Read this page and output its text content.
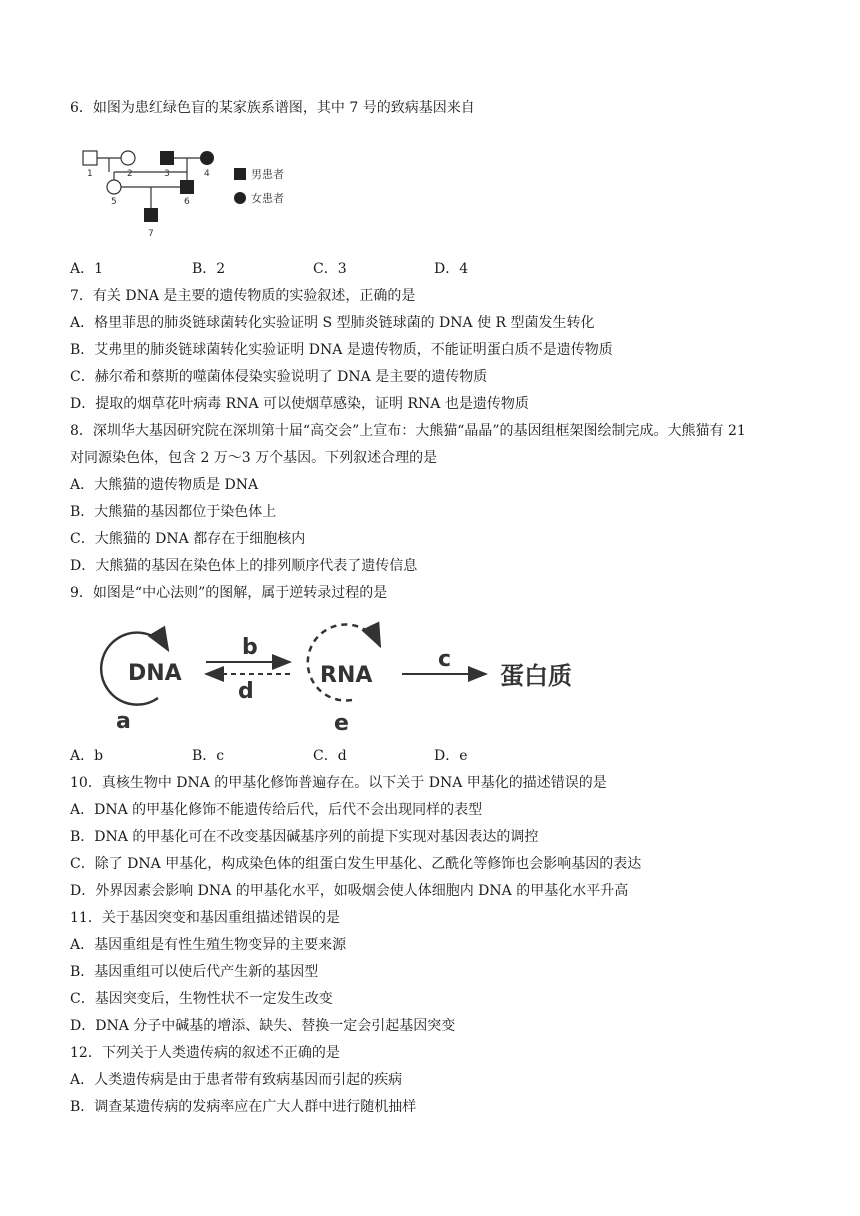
6．如图为患红绿色盲的某家族系谱图，其中 7 号的致病基因来自
1	2	3	4
5	6
7
男患者
女患者
A．1	B．2	C．3	D．4
7．有关 DNA 是主要的遗传物质的实验叙述，正确的是
A．格里菲思的肺炎链球菌转化实验证明 S 型肺炎链球菌的 DNA 使 R 型菌发生转化
B．艾弗里的肺炎链球菌转化实验证明 DNA 是遗传物质，不能证明蛋白质不是遗传物质
C．赫尔希和蔡斯的噬菌体侵染实验说明了 DNA 是主要的遗传物质
D．提取的烟草花叶病毒 RNA 可以使烟草感染，证明 RNA 也是遗传物质
8．深圳华大基因研究院在深圳第十届“高交会”上宣布：大熊猫“晶晶”的基因组框架图绘制完成。大熊猫有 21
对同源染色体，包含 2 万～3 万个基因。下列叙述合理的是
A．大熊猫的遗传物质是 DNA
B．大熊猫的基因都位于染色体上
C．大熊猫的 DNA 都存在于细胞核内
D．大熊猫的基因在染色体上的排列顺序代表了遗传信息
9．如图是“中心法则”的图解，属于逆转录过程的是
DNA
a
b
d
RNA
e
c
蛋白质
A．b	B．c	C．d	D．e
10．真核生物中 DNA 的甲基化修饰普遍存在。以下关于 DNA 甲基化的描述错误的是
A．DNA 的甲基化修饰不能遗传给后代，后代不会出现同样的表型
B．DNA 的甲基化可在不改变基因碱基序列的前提下实现对基因表达的调控
C．除了 DNA 甲基化，构成染色体的组蛋白发生甲基化、乙酰化等修饰也会影响基因的表达
D．外界因素会影响 DNA 的甲基化水平，如吸烟会使人体细胞内 DNA 的甲基化水平升高
11．关于基因突变和基因重组描述错误的是
A．基因重组是有性生殖生物变异的主要来源
B．基因重组可以使后代产生新的基因型
C．基因突变后，生物性状不一定发生改变
D．DNA 分子中碱基的增添、缺失、替换一定会引起基因突变
12．下列关于人类遗传病的叙述不正确的是
A．人类遗传病是由于患者带有致病基因而引起的疾病
B．调查某遗传病的发病率应在广大人群中进行随机抽样
